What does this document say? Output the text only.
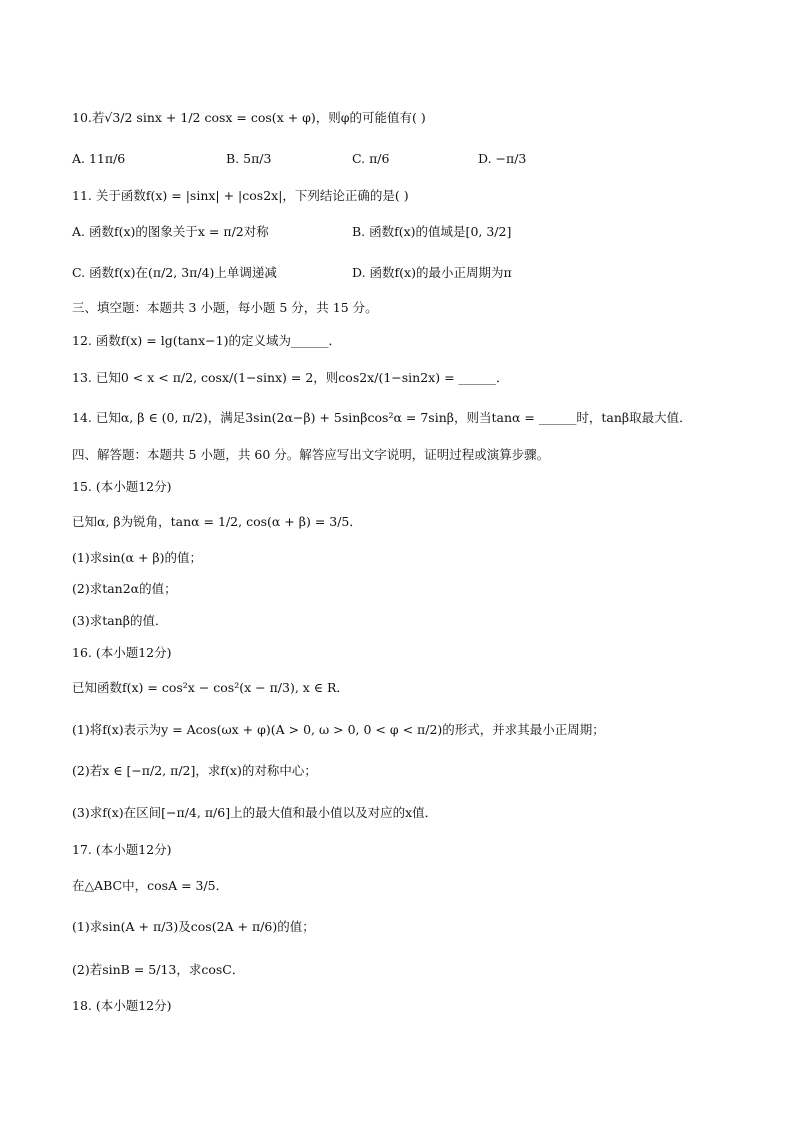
10.若√3/2 sinx + 1/2 cosx = cos(x + φ)，则φ的可能值有( )
A. 11π/6	B. 5π/3	C. π/6	D. −π/3
11. 关于函数f(x) = |sinx| + |cos2x|，下列结论正确的是( )
A. 函数f(x)的图象关于x = π/2对称	B. 函数f(x)的值域是[0, 3/2]
C. 函数f(x)在(π/2, 3π/4)上单调递减	D. 函数f(x)的最小正周期为π
三、填空题：本题共 3 小题，每小题 5 分，共 15 分。
12. 函数f(x) = lg(tanx−1)的定义域为______．
13. 已知0 < x < π/2, cosx/(1−sinx) = 2，则cos2x/(1−sin2x) = ______．
14. 已知α, β ∈ (0, π/2)，满足3sin(2α−β) + 5sinβcos²α = 7sinβ，则当tanα = ______时，tanβ取最大值．
四、解答题：本题共 5 小题，共 60 分。解答应写出文字说明，证明过程或演算步骤。
15. (本小题12分)
已知α, β为锐角，tanα = 1/2, cos(α + β) = 3/5．
(1)求sin(α + β)的值；
(2)求tan2α的值；
(3)求tanβ的值．
16. (本小题12分)
已知函数f(x) = cos²x − cos²(x − π/3), x ∈ R．
(1)将f(x)表示为y = Acos(ωx + φ)(A > 0, ω > 0, 0 < φ < π/2)的形式，并求其最小正周期；
(2)若x ∈ [−π/2, π/2]，求f(x)的对称中心；
(3)求f(x)在区间[−π/4, π/6]上的最大值和最小值以及对应的x值．
17. (本小题12分)
在△ABC中，cosA = 3/5．
(1)求sin(A + π/3)及cos(2A + π/6)的值；
(2)若sinB = 5/13，求cosC．
18. (本小题12分)
